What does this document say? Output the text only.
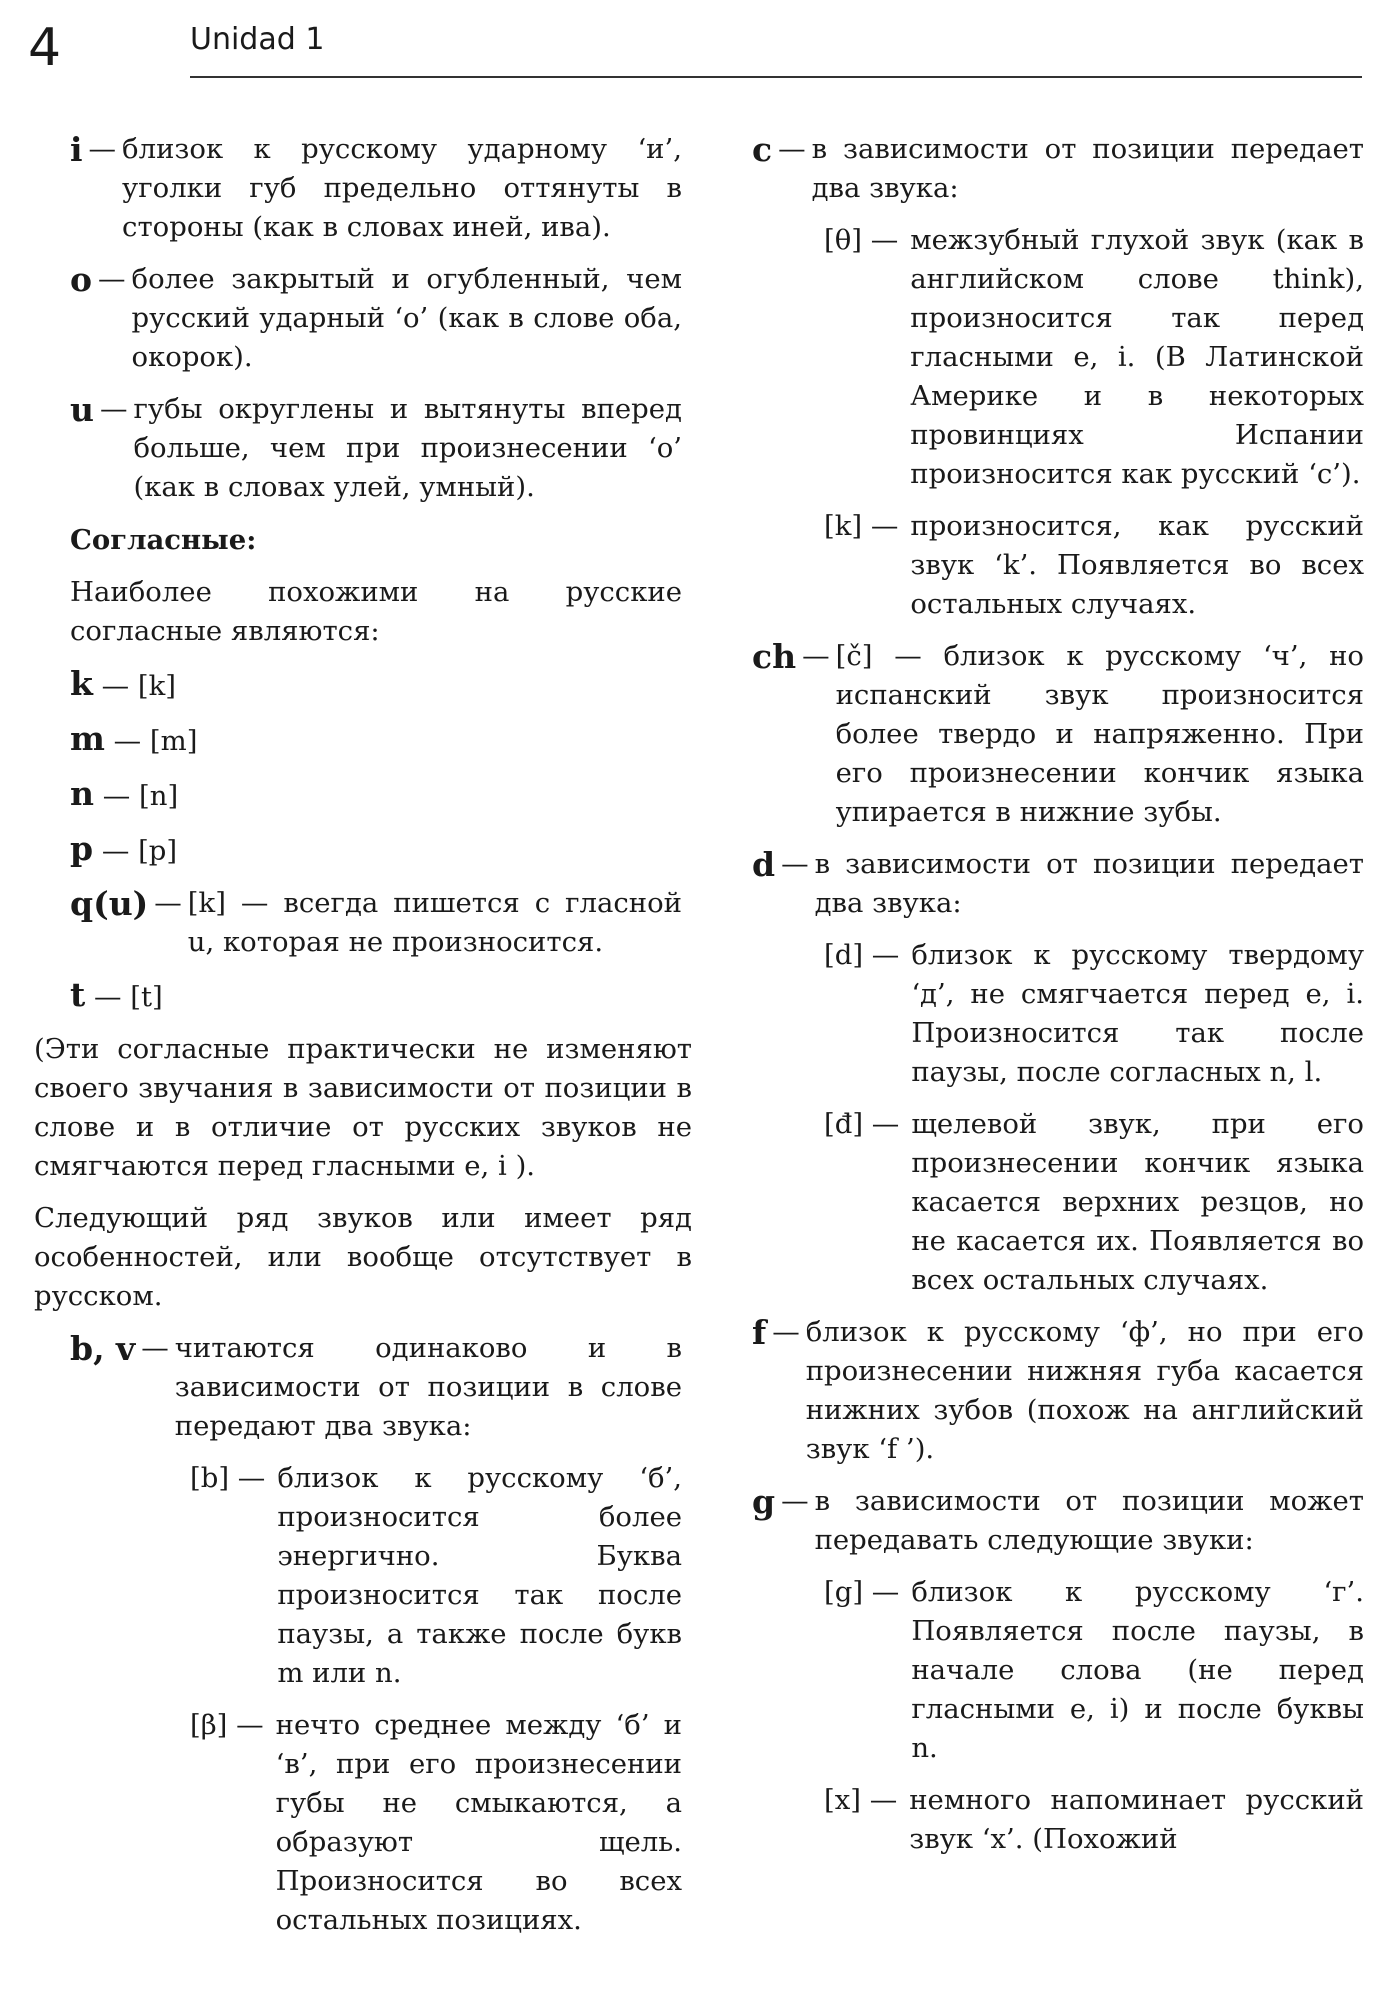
4	Unidad 1
i — близок к русскому ударному ‘и’, уголки губ предельно оттянуты в стороны (как в словах иней, ива).
o — более закрытый и огубленный, чем русский ударный ‘о’ (как в слове оба, окорок).
u — губы округлены и вытянуты вперед больше, чем при произнесении ‘о’ (как в словах улей, умный).
Согласные:
Наиболее похожими на русские согласные являются:
k — [k]
m — [m]
n — [n]
p — [p]
q(u) — [k] — всегда пишется с гласной u, которая не произносится.
t — [t]
(Эти согласные практически не изменяют своего звучания в зависимости от позиции в слове и в отличие от русских звуков не смягчаются перед гласными e, i ).
Следующий ряд звуков или имеет ряд особенностей, или вообще отсутствует в русском.
b, v — читаются одинаково и в зависимости от позиции в слове передают два звука:
[b] — близок к русскому ‘б’, произносится более энергично. Буква произносится так после паузы, а также после букв m или n.
[β] — нечто среднее между ‘б’ и ‘в’, при его произнесении губы не смыкаются, а образуют щель. Произносится во всех остальных позициях.
c — в зависимости от позиции передает два звука:
[θ] — межзубный глухой звук (как в английском слове think), произносится так перед гласными e, i. (В Латинской Америке и в некоторых провинциях Испании произносится как русский ‘с’).
[k] — произносится, как русский звук ‘k’. Появляется во всех остальных случаях.
ch — [č] — близок к русскому ‘ч’, но испанский звук произносится более твердо и напряженно. При его произнесении кончик языка упирается в нижние зубы.
d — в зависимости от позиции передает два звука:
[d] — близок к русскому твердому ‘д’, не смягчается перед e, i. Произносится так после паузы, после согласных n, l.
[đ] — щелевой звук, при его произнесении кончик языка касается верхних резцов, но не касается их. Появляется во всех остальных случаях.
f — близок к русскому ‘ф’, но при его произнесении нижняя губа касается нижних зубов (похож на английский звук ‘f ’).
g — в зависимости от позиции может передавать следующие звуки:
[g] — близок к русскому ‘г’. Появляется после паузы, в начале слова (не перед гласными e, i) и после буквы n.
[x] — немного напоминает русский звук ‘х’. (Похожий
